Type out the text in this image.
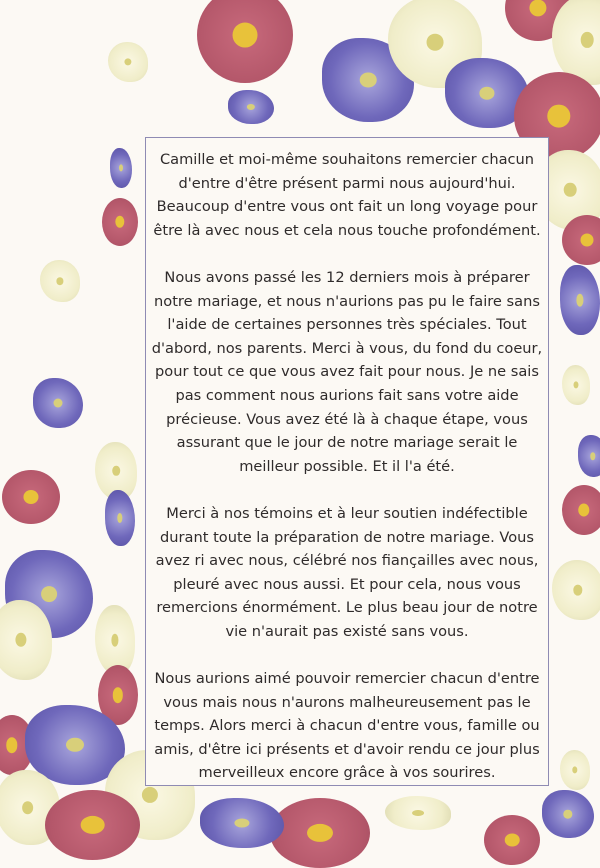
Camille et moi-même souhaitons remercier chacun
d'entre d'être présent parmi nous aujourd'hui.
Beaucoup d'entre vous ont fait un long voyage pour
être là avec nous et cela nous touche profondément.
Nous avons passé les 12 derniers mois à préparer
notre mariage, et nous n'aurions pas pu le faire sans
l'aide de certaines personnes très spéciales. Tout
d'abord, nos parents. Merci à vous, du fond du coeur,
pour tout ce que vous avez fait pour nous. Je ne sais
pas comment nous aurions fait sans votre aide
précieuse. Vous avez été là à chaque étape, vous
assurant que le jour de notre mariage serait le
meilleur possible. Et il l'a été.
Merci à nos témoins et à leur soutien indéfectible
durant toute la préparation de notre mariage. Vous
avez ri avec nous, célébré nos fiançailles avec nous,
pleuré avec nous aussi. Et pour cela, nous vous
remercions énormément. Le plus beau jour de notre
vie n'aurait pas existé sans vous.
Nous aurions aimé pouvoir remercier chacun d'entre
vous mais nous n'aurons malheureusement pas le
temps. Alors merci à chacun d'entre vous, famille ou
amis, d'être ici présents et d'avoir rendu ce jour plus
merveilleux encore grâce à vos sourires.
